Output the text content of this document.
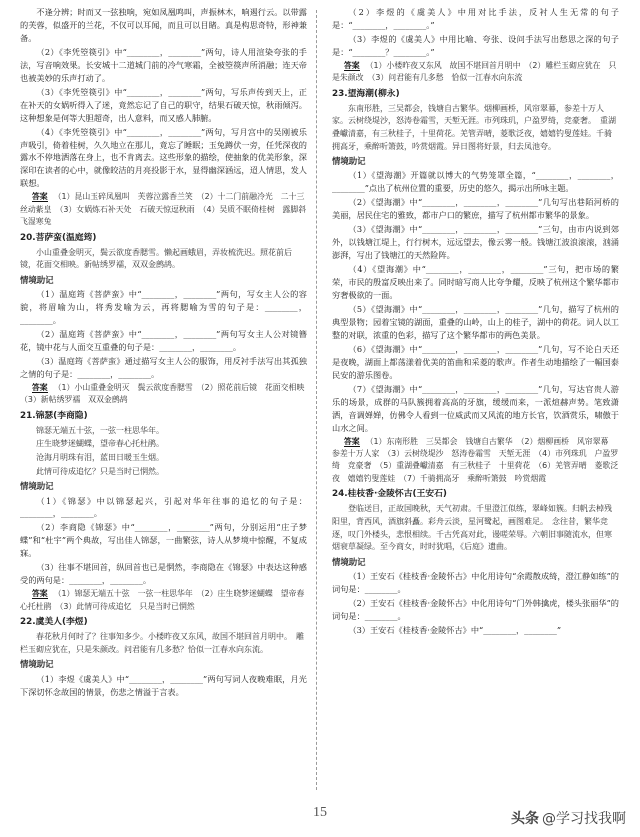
不逢分辨；时而又一弦独响，宛如凤凰鸣叫，声振林木，响遏行云。以带露的芙蓉，似盛开的兰花，不仅可以耳闻，而且可以目睹。真是构思奇特，形神兼备。
（2）《李凭箜篌引》中“________，________”两句，诗人用渲染夸张的手法，写音响效果。长安城十二道城门前的冷气寒霜，全被箜篌声所消融；连天帝也被美妙的乐声打动了。
（3）《李凭箜篌引》中“________，________”两句，写乐声传到天上，正在补天的女娲听得入了迷，竟然忘记了自己的职守，结果石破天惊，秋雨倾泻。这种想象是何等大胆超奇，出人意料，而又感人肺腑。
（4）《李凭箜篌引》中“________，________”两句，写月宫中的吴刚被乐声吸引，倚着桂树，久久地立在那儿，竟忘了睡眠；玉兔蹲伏一旁，任凭深夜的露水不停地洒落在身上，也不肯离去。这些形象的描绘，使抽象的优美形象，深深印在读者的心中，就像皎洁的月亮投影于水，显得幽深涵远，迢人情思，发人联想。
答案 （1）昆山玉碎凤凰叫　芙蓉泣露香兰笑　（2）十二门前融冷光　二十三丝动紫皇　（3）女娲炼石补天处　石破天惊逗秋雨　（4）吴质不眠倚桂树　露脚斜飞湿寒兔
20.菩萨蛮(温庭筠)
小山重叠金明灭，鬓云欲度香腮雪。懒起画蛾眉，弄妆梳洗迟。照花前后镜，花面交相映。新帖绣罗襦，双双金鹧鸪。
情境助记
（1）温庭筠《菩萨蛮》中“________，________”两句，写女主人公的容貌，将眉喻为山，将秀发喻为云，再将腮喻为雪的句子是：________，________。
（2）温庭筠《菩萨蛮》中“________，________”两句写女主人公对镜簪花，镜中花与人面交互重叠的句子是：________，________。
（3）温庭筠《菩萨蛮》通过描写女主人公的服饰，用反衬手法写出其孤独之情的句子是：________，________。
答案 （1）小山重叠金明灭　鬓云欲度香腮雪　（2）照花前后镜　花面交相映　（3）新帖绣罗襦　双双金鹧鸪
21.锦瑟(李商隐)
锦瑟无端五十弦，一弦一柱思华年。
庄生晓梦迷蝴蝶，望帝春心托杜鹃。
沧海月明珠有泪，蓝田日暖玉生烟。
此情可待成追忆？只是当时已惘然。
情境助记
（1）《锦瑟》中以锦瑟起兴，引起对华年往事的追忆的句子是：________，________。
（2）李商隐《锦瑟》中“________，________”两句，分别运用“庄子梦蝶”和“杜宇”两个典故，写出佳人锦瑟，一曲繁弦，诗人从梦境中惊醒，不复成寐。
（3）往事不堪回首，纵回首也已是惘然，李商隐在《锦瑟》中表达这种感受的两句是：________，________。
答案 （1）锦瑟无端五十弦　一弦一柱思华年　（2）庄生晓梦迷蝴蝶　望帝春心托杜鹃　（3）此情可待成追忆　只是当时已惘然
22.虞美人(李煜)
春花秋月何时了？往事知多少。小楼昨夜又东风，故国不堪回首月明中。　雕栏玉砌应犹在，只是朱颜改。问君能有几多愁？恰似一江春水向东流。
情境助记
（1）李煜《虞美人》中“________，________”两句写词人夜晚难眠，月光下深切怀念故国的情景，伤悲之情溢于言表。
（2）李煜的《虞美人》中用对比手法，反衬人生无常的句子是：“________，________。”
（3）李煜的《虞美人》中用比喻、夸张、设问手法写出愁思之深的句子是：“________？________。”
答案 （1）小楼昨夜又东风　故国不堪回首月明中　（2）雕栏玉砌应犹在　只是朱颜改　（3）问君能有几多愁　恰似一江春水向东流
23.望海潮(柳永)
东南形胜，三吴都会，钱塘自古繁华。烟柳画桥，风帘翠幕，参差十万人家。云树绕堤沙，怒涛卷霜雪，天堑无涯。市列珠玑，户盈罗绮，竞豪奢。　重湖叠巘清嘉，有三秋桂子，十里荷花。羌管弄晴，菱歌泛夜，嬉嬉钓叟莲娃。千骑拥高牙，乘醉听箫鼓，吟赏烟霞。异日图将好景，归去凤池夸。
情境助记
（1）《望海潮》开篇就以博大的气势笼罩全篇，“________，________，________”点出了杭州位置的重要，历史的悠久，揭示出所咏主题。
（2）《望海潮》中“________，________，________”几句写出巷陌河桥的美丽，居民住宅的雅致，都市户口的繁庶，描写了杭州都市繁华的景象。
（3）《望海潮》中“________，________，________”三句，由市内说到郊外，以钱塘江堤上，行行树木，远远望去，像云雾一般。钱塘江波浪滚滚，汹涌澎湃，写出了钱塘江的天然险阵。
（4）《望海潮》中“________，________，________”三句，把市场的繁荣，市民的殷富反映出来了。同时暗写商人比夸争耀，反映了杭州这个繁华都市穷奢极欲的一面。
（5）《望海潮》中“________，________，________”几句，描写了杭州的典型景物；园着宝镜的湖面，重叠的山岭，山上的桂子，湖中的荷花。词人以工整的对联，浓重的色彩，描写了这个繁华都市的两色美景。
（6）《望海潮》中“________，________，________”几句，写不论白天还是夜晚，湖面上都荡漾着优美的笛曲和采菱的歌声。作者生动地描绘了一幅国泰民安的游乐图卷。
（7）《望海潮》中“________，________，________”几句，写达官贵人游乐的场景，成群的马队簇拥着高高的牙旗，缓缓而来，一派煊赫声势。笔致潇洒，音调婵婵，仿佛令人看到一位威武而又风流的地方长官，饮酒赏乐，啸傲于山水之间。
答案 （1）东南形胜　三吴都会　钱塘自古繁华　（2）烟柳画桥　风帘翠幕　参差十万人家　（3）云树绕堤沙　怒涛卷霜雪　天堑无涯　（4）市列珠玑　户盈罗绮　竞豪奢　（5）重湖叠巘清嘉　有三秋桂子　十里荷花　（6）羌管弄晴　菱歌泛夜　嬉嬉钓叟莲娃　（7）千骑拥高牙　乘醉听箫鼓　吟赏烟霞
24.桂枝香·金陵怀古(王安石)
登临送目，正故国晚秋，天气初肃。千里澄江似练，翠峰如簇。归帆去棹残阳里，背西风，酒旗斜矗。彩舟云淡，星河鹭起，画图难足。　念往昔，繁华竞逐，叹门外楼头，悲恨相续。千古凭高对此，谩嗟荣辱。六朝旧事随流水，但寒烟衰草凝绿。至今商女，时时犹唱，《后庭》遗曲。
情境助记
（1）王安石《桂枝香·金陵怀古》中化用诗句“余霞散成绮，澄江静如练”的词句是：________。
（2）王安石《桂枝香·金陵怀古》中化用诗句“门外韩擒虎，楼头张丽华”的词句是：________。
（3）王安石《桂枝香·金陵怀古》中“________，________”
15	头条 @学习找我啊
